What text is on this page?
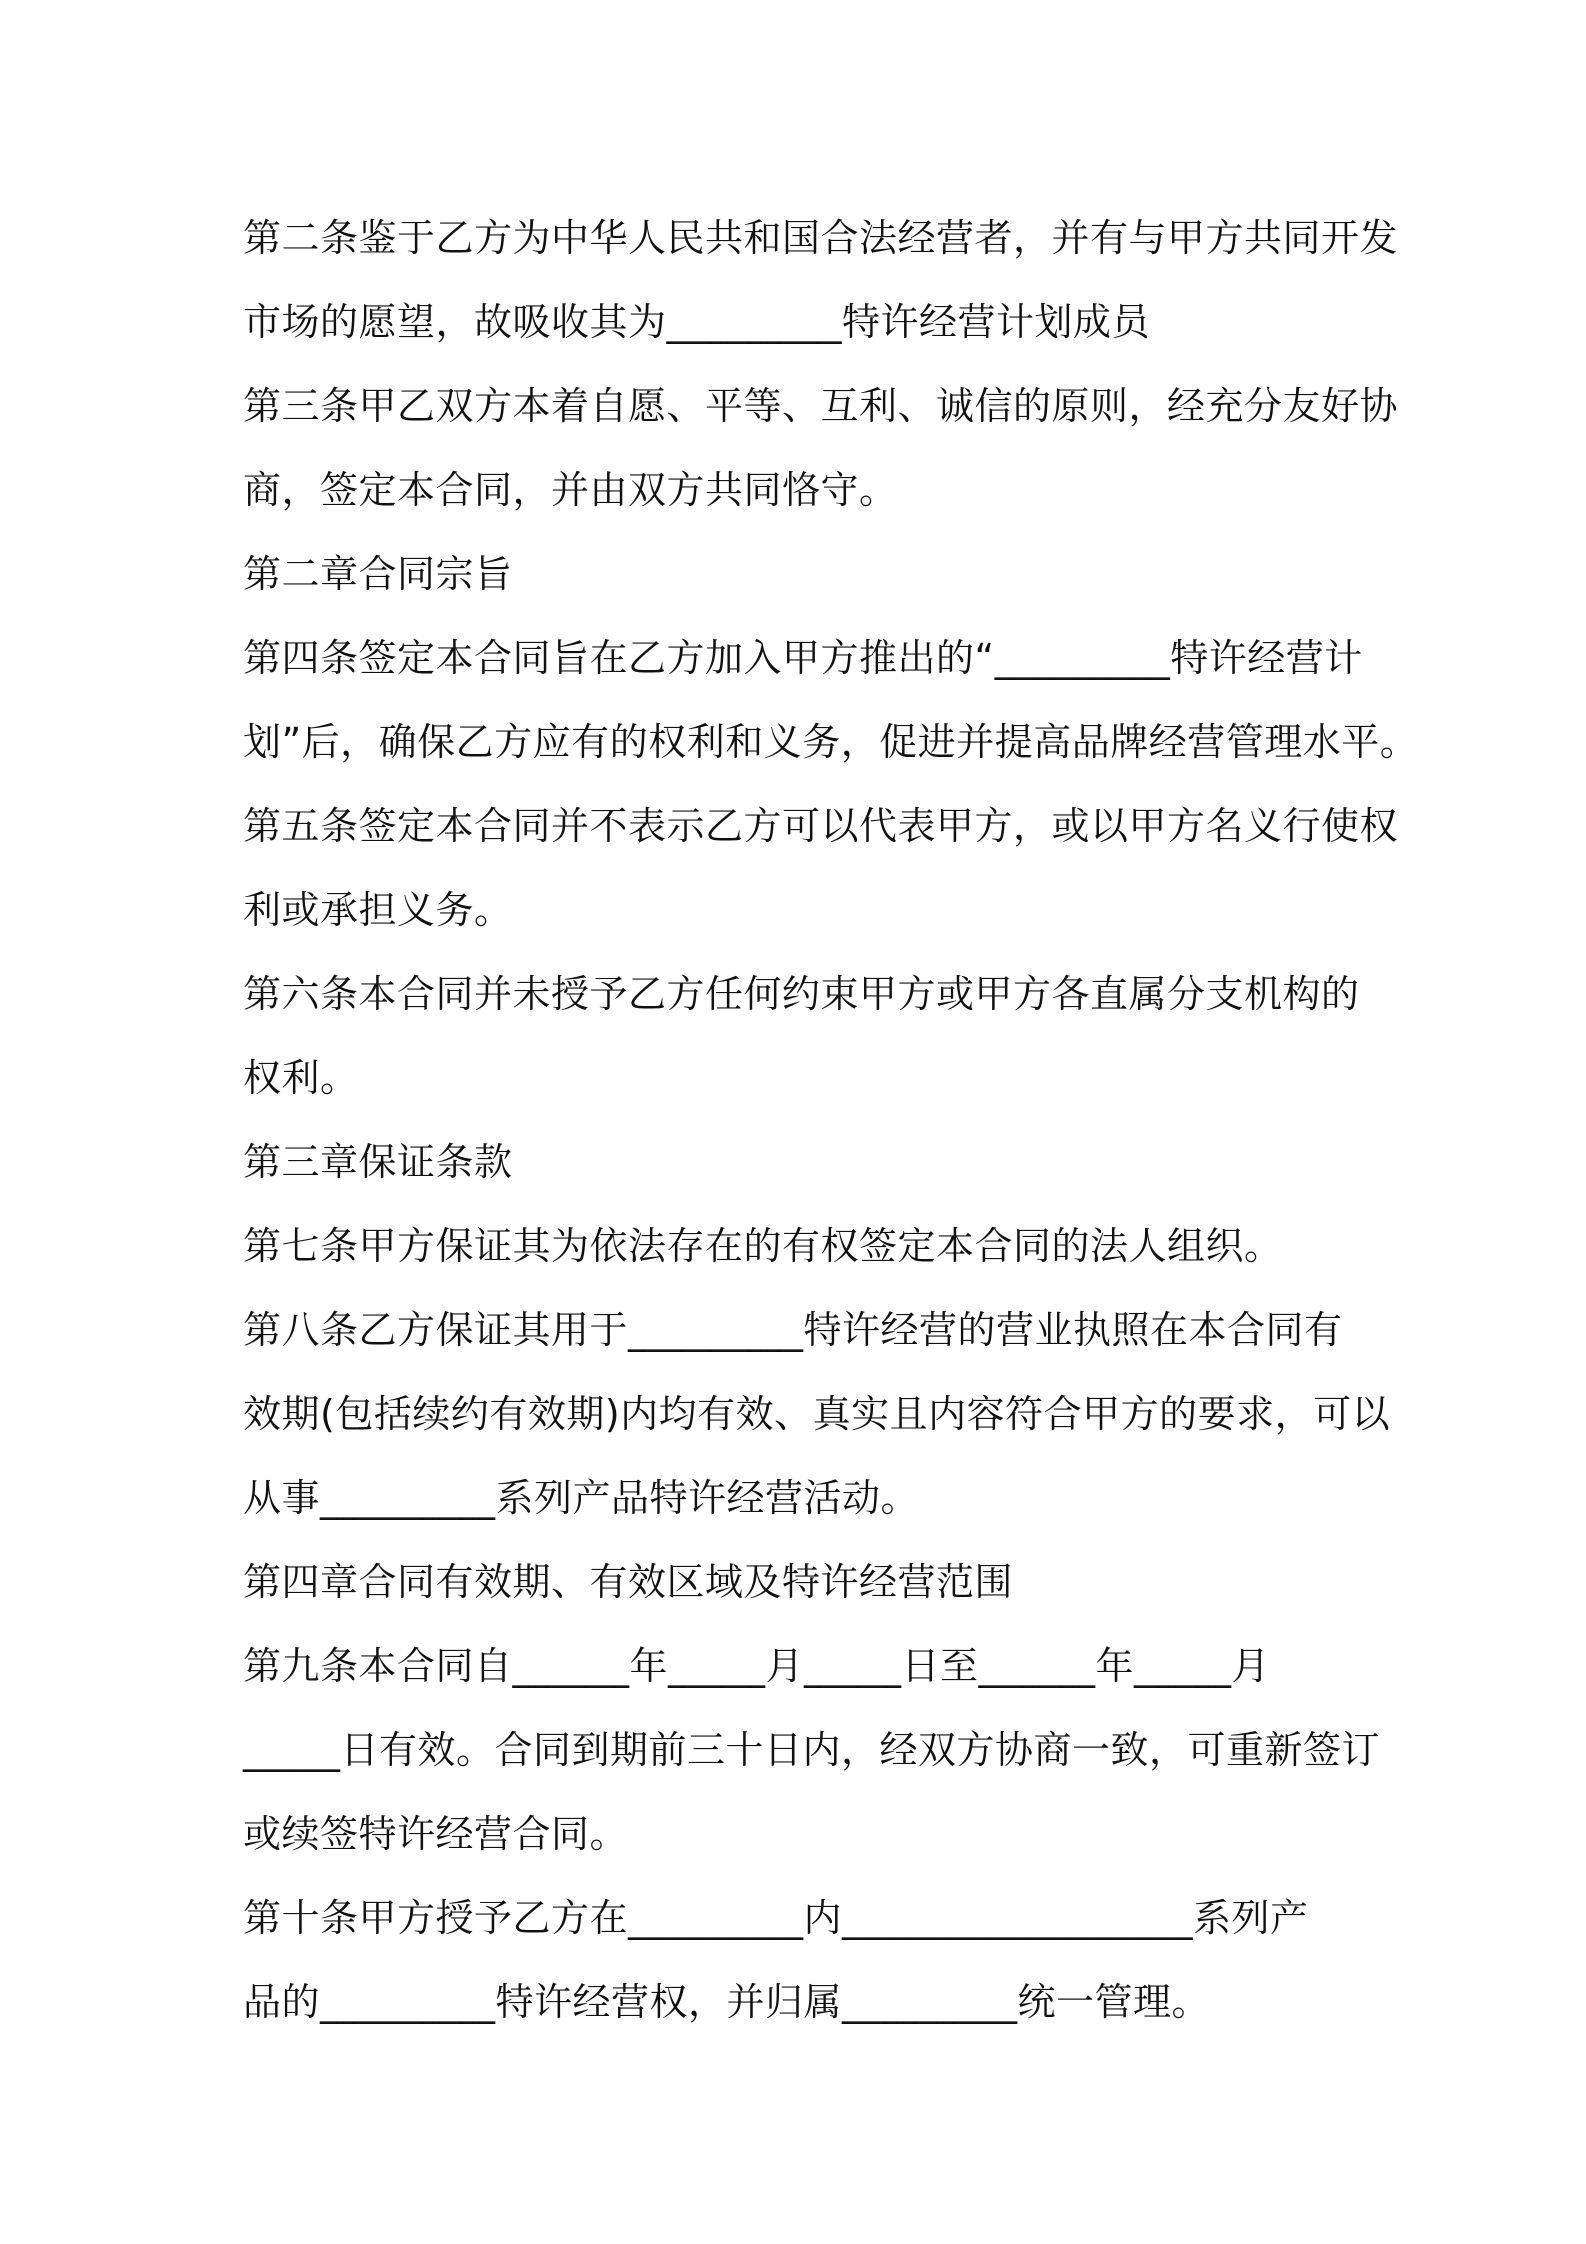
第二条鉴于乙方为中华人民共和国合法经营者，并有与甲方共同开发
市场的愿望，故吸收其为_________特许经营计划成员
第三条甲乙双方本着自愿、平等、互利、诚信的原则，经充分友好协
商，签定本合同，并由双方共同恪守。
第二章合同宗旨
第四条签定本合同旨在乙方加入甲方推出的“_________特许经营计
划”后，确保乙方应有的权利和义务，促进并提高品牌经营管理水平。
第五条签定本合同并不表示乙方可以代表甲方，或以甲方名义行使权
利或承担义务。
第六条本合同并未授予乙方任何约束甲方或甲方各直属分支机构的
权利。
第三章保证条款
第七条甲方保证其为依法存在的有权签定本合同的法人组织。
第八条乙方保证其用于_________特许经营的营业执照在本合同有
效期(包括续约有效期)内均有效、真实且内容符合甲方的要求，可以
从事_________系列产品特许经营活动。
第四章合同有效期、有效区域及特许经营范围
第九条本合同自______年_____月_____日至______年_____月
_____日有效。合同到期前三十日内，经双方协商一致，可重新签订
或续签特许经营合同。
第十条甲方授予乙方在_________内__________________系列产
品的_________特许经营权，并归属_________统一管理。
